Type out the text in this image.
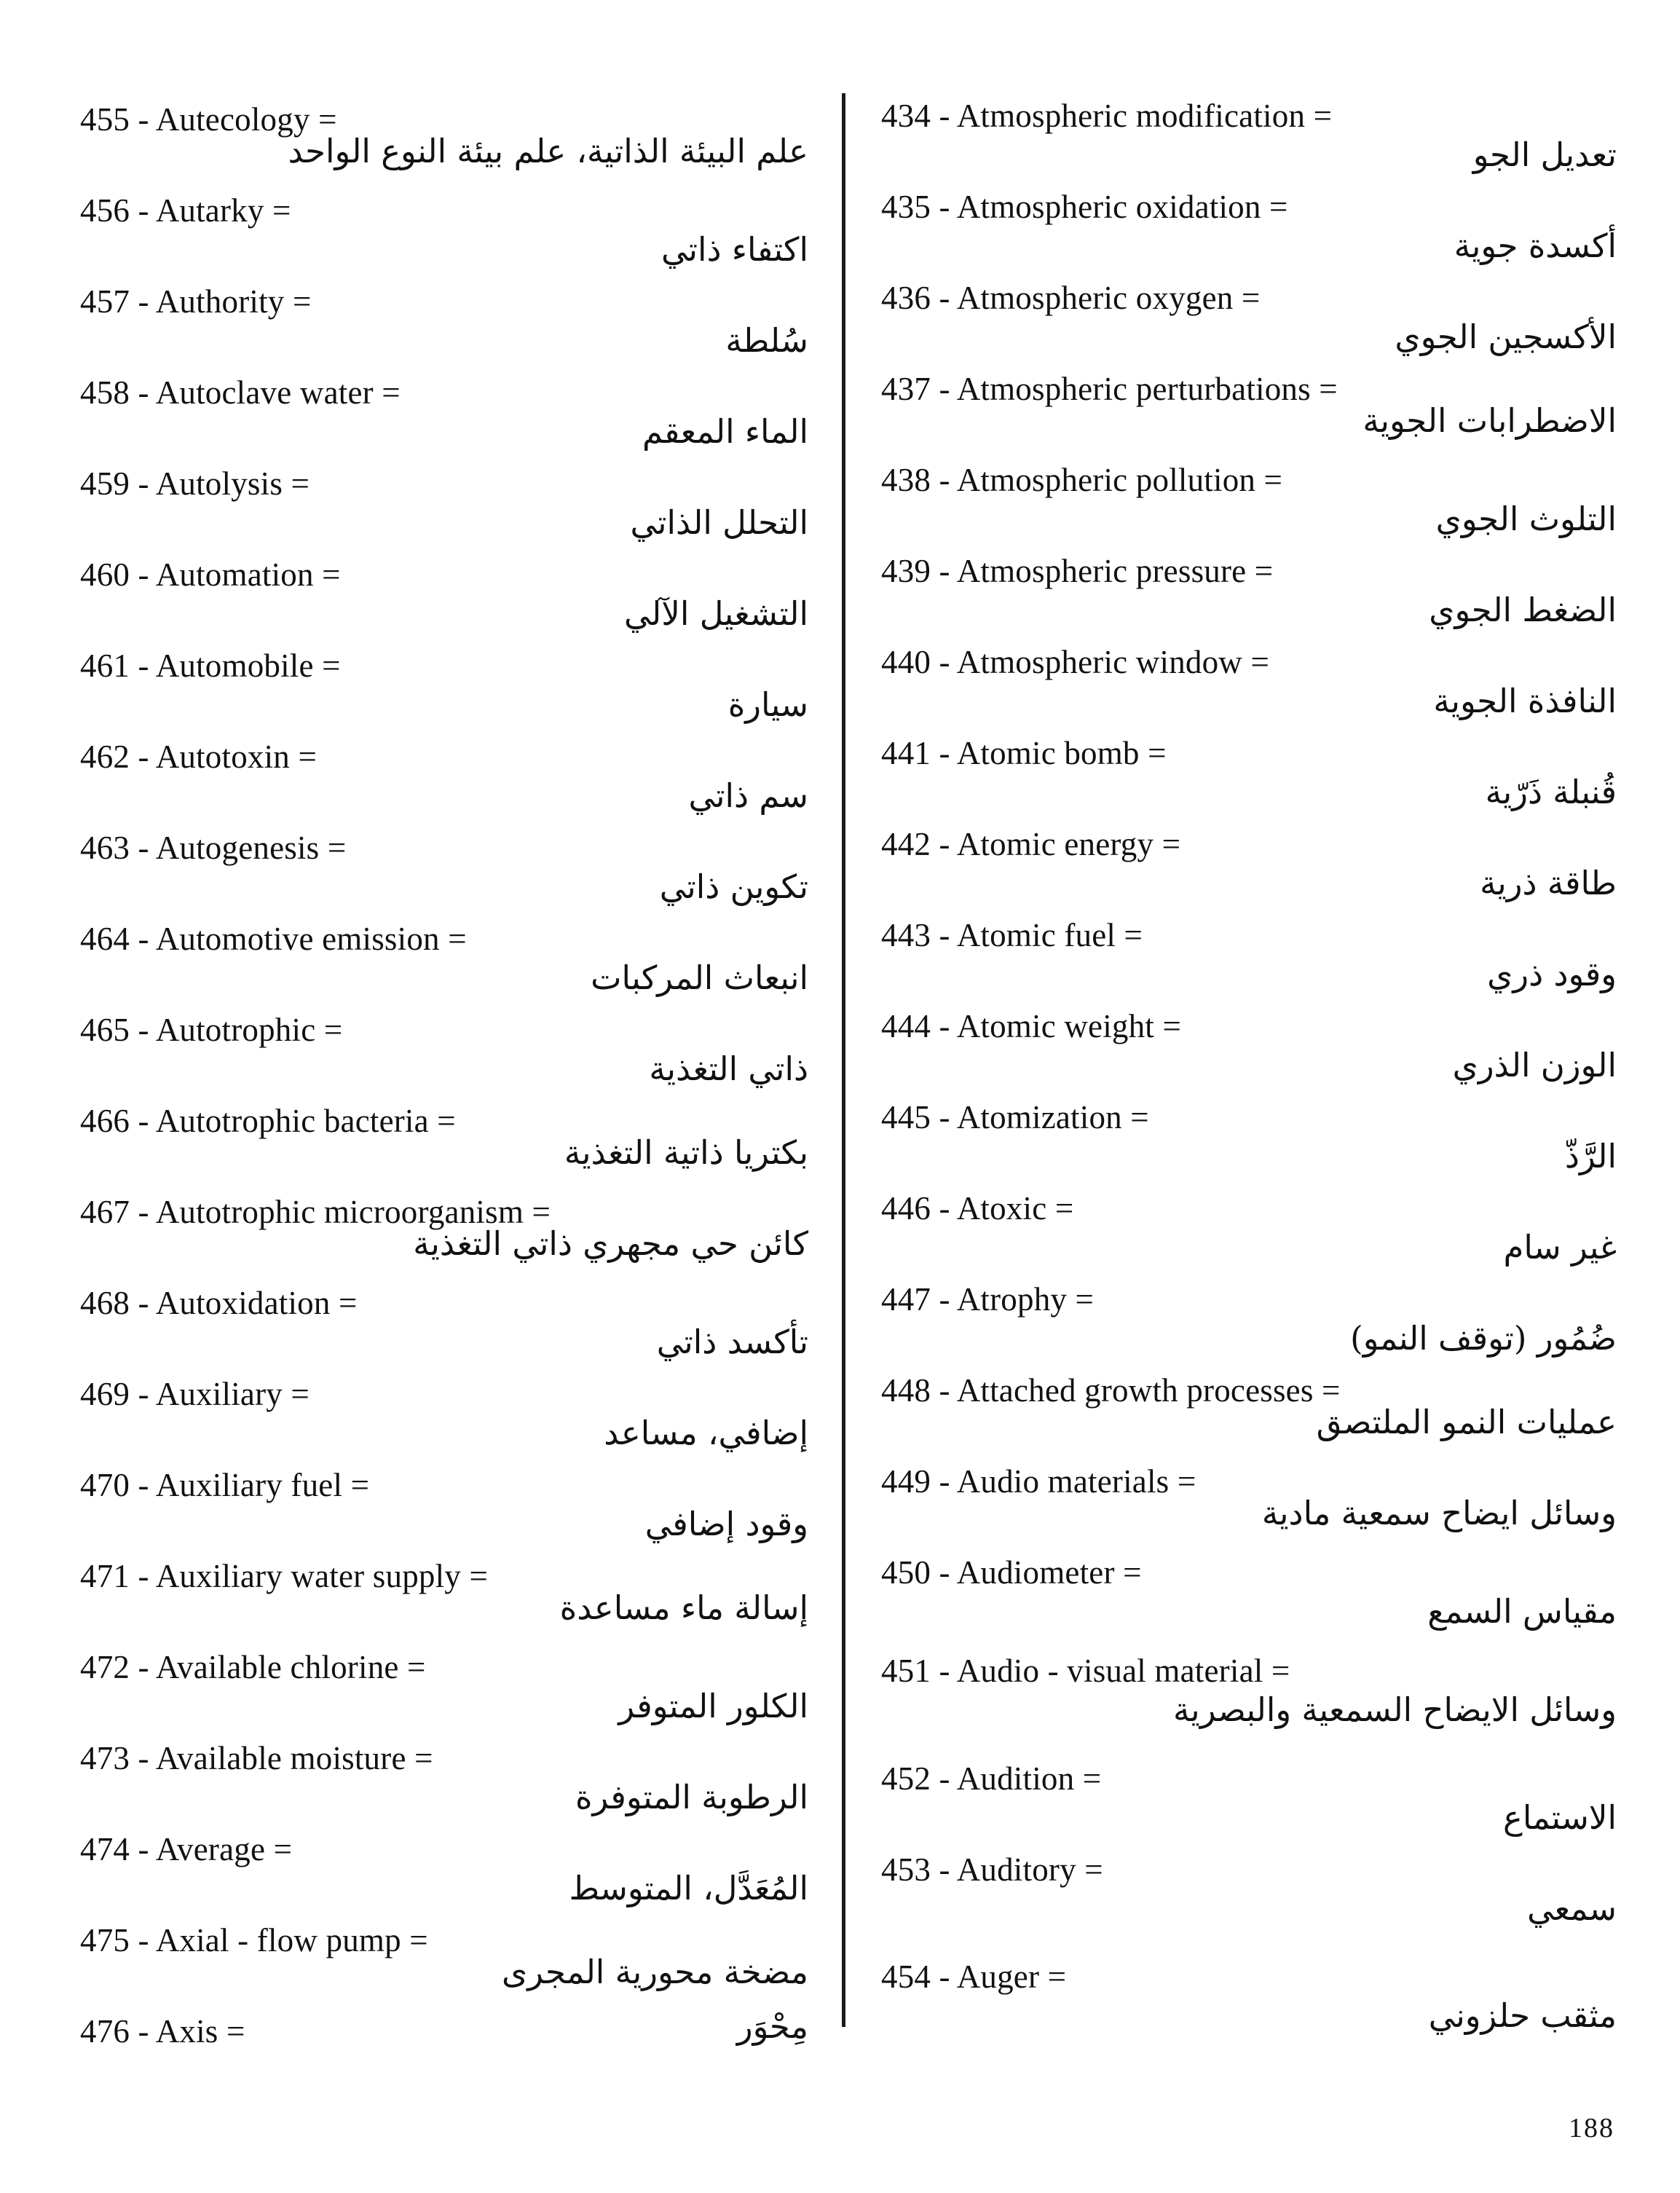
455 - Autecology =
علم البيئة الذاتية، علم بيئة النوع الواحد
456 - Autarky =
اكتفاء ذاتي
457 - Authority =
سُلطة
458 - Autoclave water =
الماء المعقم
459 - Autolysis =
التحلل الذاتي
460 - Automation =
التشغيل الآلي
461 - Automobile =
سيارة
462 - Autotoxin =
سم ذاتي
463 - Autogenesis =
تكوين ذاتي
464 - Automotive emission =
انبعاث المركبات
465 - Autotrophic =
ذاتي التغذية
466 - Autotrophic bacteria =
بكتريا ذاتية التغذية
467 - Autotrophic microorganism =
كائن حي مجهري ذاتي التغذية
468 - Autoxidation =
تأكسد ذاتي
469 - Auxiliary =
إضافي، مساعد
470 - Auxiliary fuel =
وقود إضافي
471 - Auxiliary water supply =
إسالة ماء مساعدة
472 - Available chlorine =
الكلور المتوفر
473 - Available moisture =
الرطوبة المتوفرة
474 - Average =
المُعَدَّل، المتوسط
475 - Axial - flow pump =
مضخة محورية المجرى
476 - Axis =	مِحْوَر
434 - Atmospheric modification =
تعديل الجو
435 - Atmospheric oxidation =
أكسدة جوية
436 - Atmospheric oxygen =
الأكسجين الجوي
437 - Atmospheric perturbations =
الاضطرابات الجوية
438 - Atmospheric pollution =
التلوث الجوي
439 - Atmospheric pressure =
الضغط الجوي
440 - Atmospheric window =
النافذة الجوية
441 - Atomic bomb =
قُنبلة ذَرّية
442 - Atomic energy =
طاقة ذرية
443 - Atomic fuel =
وقود ذري
444 - Atomic weight =
الوزن الذري
445 - Atomization =
الرَّذّ
446 - Atoxic =
غير سام
447 - Atrophy =
ضُمُور (توقف النمو)
448 - Attached growth processes =
عمليات النمو الملتصق
449 - Audio materials =
وسائل ايضاح سمعية مادية
450 - Audiometer =
مقياس السمع
451 - Audio - visual material =
وسائل الايضاح السمعية والبصرية
452 - Audition =
الاستماع
453 - Auditory =
سمعي
454 - Auger =
مثقب حلزوني
188
